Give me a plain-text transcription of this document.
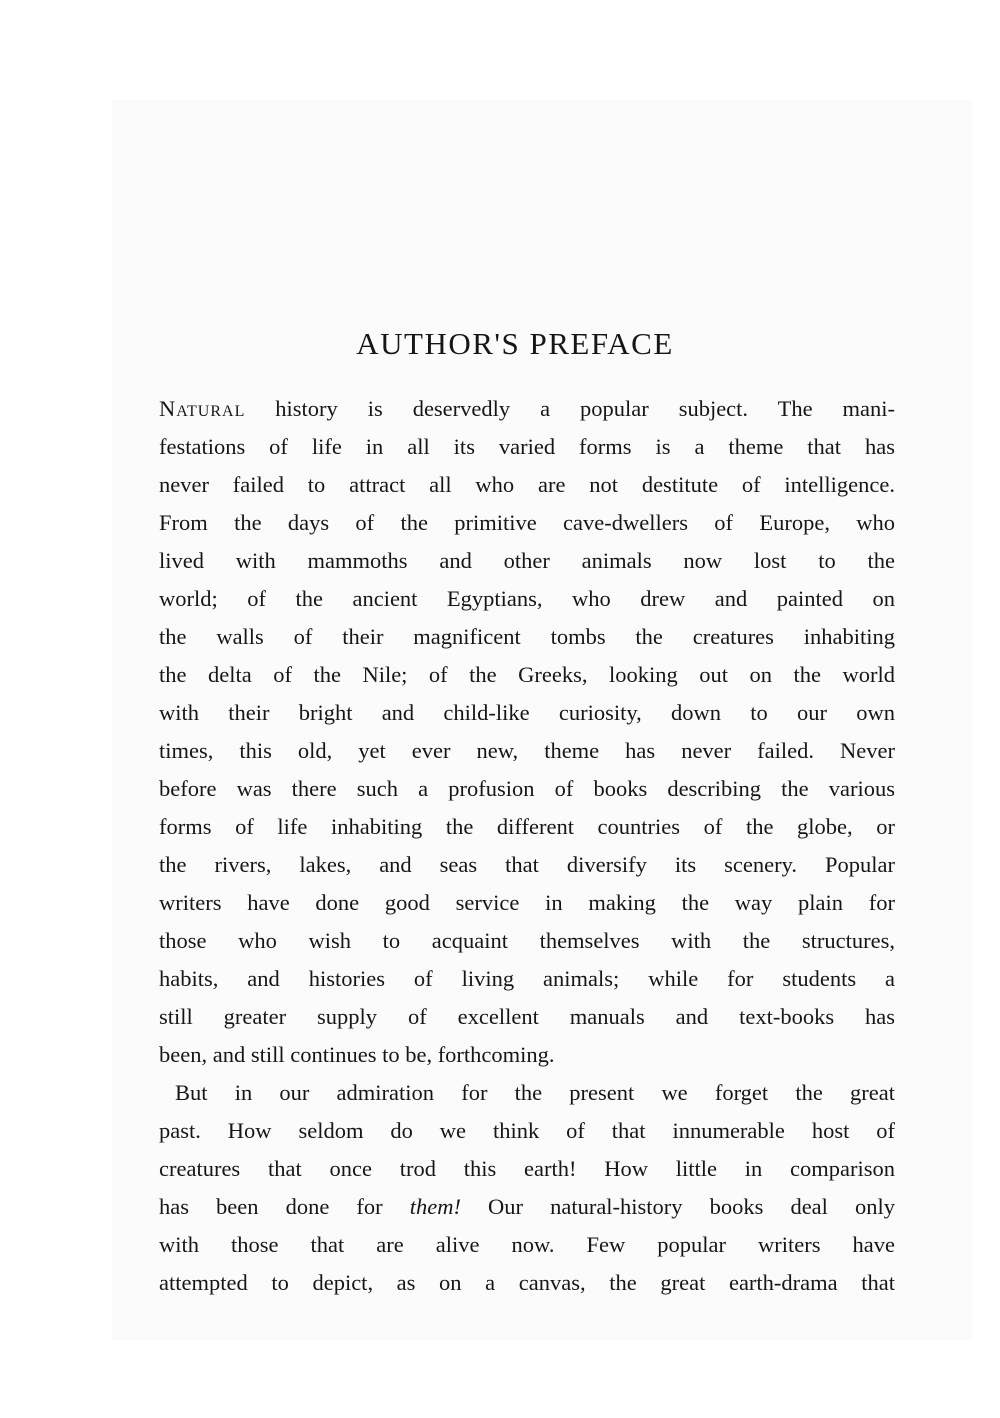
AUTHOR'S PREFACE
Natural history is deservedly a popular subject. The mani-
festations of life in all its varied forms is a theme that has
never failed to attract all who are not destitute of intelligence.
From the days of the primitive cave-dwellers of Europe, who
lived with mammoths and other animals now lost to the
world; of the ancient Egyptians, who drew and painted on
the walls of their magnificent tombs the creatures inhabiting
the delta of the Nile; of the Greeks, looking out on the world
with their bright and child-like curiosity, down to our own
times, this old, yet ever new, theme has never failed. Never
before was there such a profusion of books describing the various
forms of life inhabiting the different countries of the globe, or
the rivers, lakes, and seas that diversify its scenery. Popular
writers have done good service in making the way plain for
those who wish to acquaint themselves with the structures,
habits, and histories of living animals; while for students a
still greater supply of excellent manuals and text-books has
been, and still continues to be, forthcoming.
But in our admiration for the present we forget the great
past. How seldom do we think of that innumerable host of
creatures that once trod this earth! How little in comparison
has been done for them! Our natural-history books deal only
with those that are alive now. Few popular writers have
attempted to depict, as on a canvas, the great earth-drama that
